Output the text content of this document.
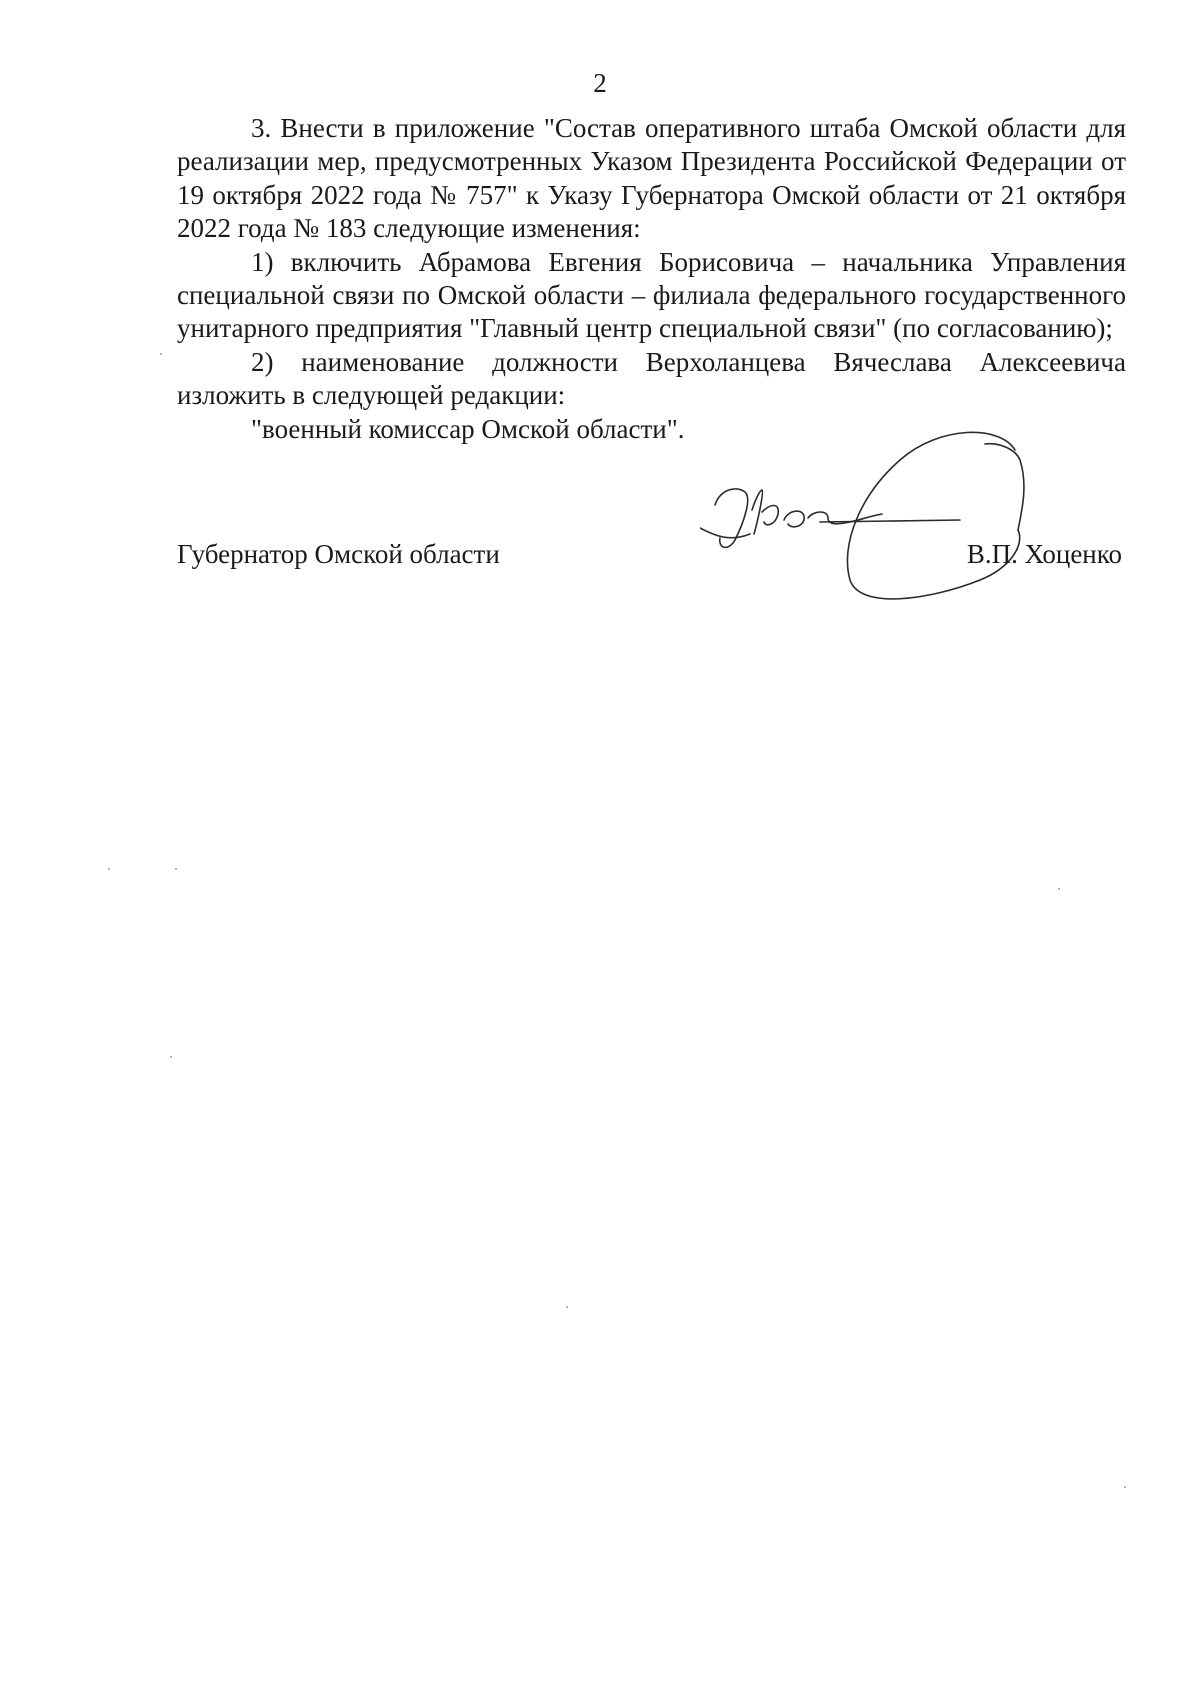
2

3. Внести в приложение "Состав оперативного штаба Омской области для реализации мер, предусмотренных Указом Президента Российской Федерации от 19 октября 2022 года № 757" к Указу Губернатора Омской области от 21 октября 2022 года № 183 следующие изменения:

1) включить Абрамова Евгения Борисовича – начальника Управления специальной связи по Омской области – филиала федерального государственного унитарного предприятия "Главный центр специальной связи" (по согласованию);

2) наименование должности Верхоланцева Вячеслава Алексеевича изложить в следующей редакции:

"военный комиссар Омской области".

Губернатор Омской области	В.П. Хоценко
